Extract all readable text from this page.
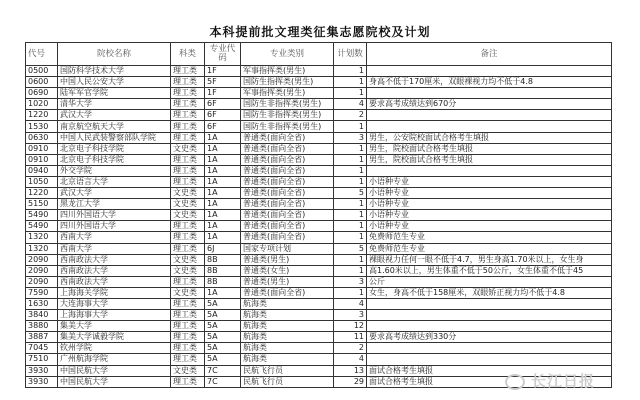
本科提前批文理类征集志愿院校及计划
代号	院校名称	科类	专业代码	专业类别	计划数	备注
0500	国防科学技术大学	理工类	1F	军事指挥类(男生)	1	
0600	中国人民公安大学	理工类	5F	国防生指挥类(男生)	1	身高不低于170厘米，双眼裸视力均不低于4.8
0690	陆军军官学院	理工类	1F	军事指挥类(男生)	1	
1020	清华大学	理工类	6F	国防生非指挥类(男生)	4	要求高考成绩达到670分
1220	武汉大学	理工类	6F	国防生非指挥类(男生)	2	
1530	南京航空航天大学	理工类	6F	国防生非指挥类(男生)	1	
0630	中国人民武装警察部队学院	理工类	1A	普通类(面向全省)	3	男生，公安院校面试合格考生填报
0910	北京电子科技学院	文史类	1A	普通类(面向全省)	1	男生，院校面试合格考生填报
0910	北京电子科技学院	理工类	1A	普通类(面向全省)	1	男生，院校面试合格考生填报
0940	外交学院	理工类	1A	普通类(面向全省)	1	
1050	北京语言大学	理工类	1A	普通类(面向全省)	1	小语种专业
1220	武汉大学	文史类	1A	普通类(面向全省)	5	小语种专业
5150	黑龙江大学	文史类	1A	普通类(面向全省)	1	小语种专业
5490	四川外国语大学	文史类	1A	普通类(面向全省)	1	小语种专业
5490	四川外国语大学	理工类	1A	普通类(面向全省)	1	小语种专业
1320	西南大学	理工类	1A	普通类(面向全省)	1	免费师范生专业
1320	西南大学	理工类	6J	国家专项计划	5	免费师范生专业
2090	西南政法大学	文史类	8B	普通类(男生)	1	裸眼视力任何一眼不低于4.7，男生身高1.70米以上，女生身
2090	西南政法大学	文史类	8B	普通类(女生)	1	高1.60米以上，男生体重不低于50公斤，女生体重不低于45
2090	西南政法大学	理工类	8B	普通类(男生)	3	公斤
7590	上海海关学院	文史类	1A	普通类(面向全省)	1	女生，身高不低于158厘米，双眼矫正视力均不低于4.8
1630	大连海事大学	理工类	5A	航海类	4	
3840	上海海事大学	理工类	5A	航海类	3	
3880	集美大学	理工类	5A	航海类	12	
3887	集美大学诚毅学院	理工类	5A	航海类	11	要求高考成绩达到330分
7045	钦州学院	理工类	5A	航海类	2	
7510	广州航海学院	理工类	5A	航海类	4	
3930	中国民航大学	文史类	7C	民航飞行员	13	面试合格考生填报
3930	中国民航大学	理工类	7C	民航飞行员	29	面试合格考生填报	长江日报
